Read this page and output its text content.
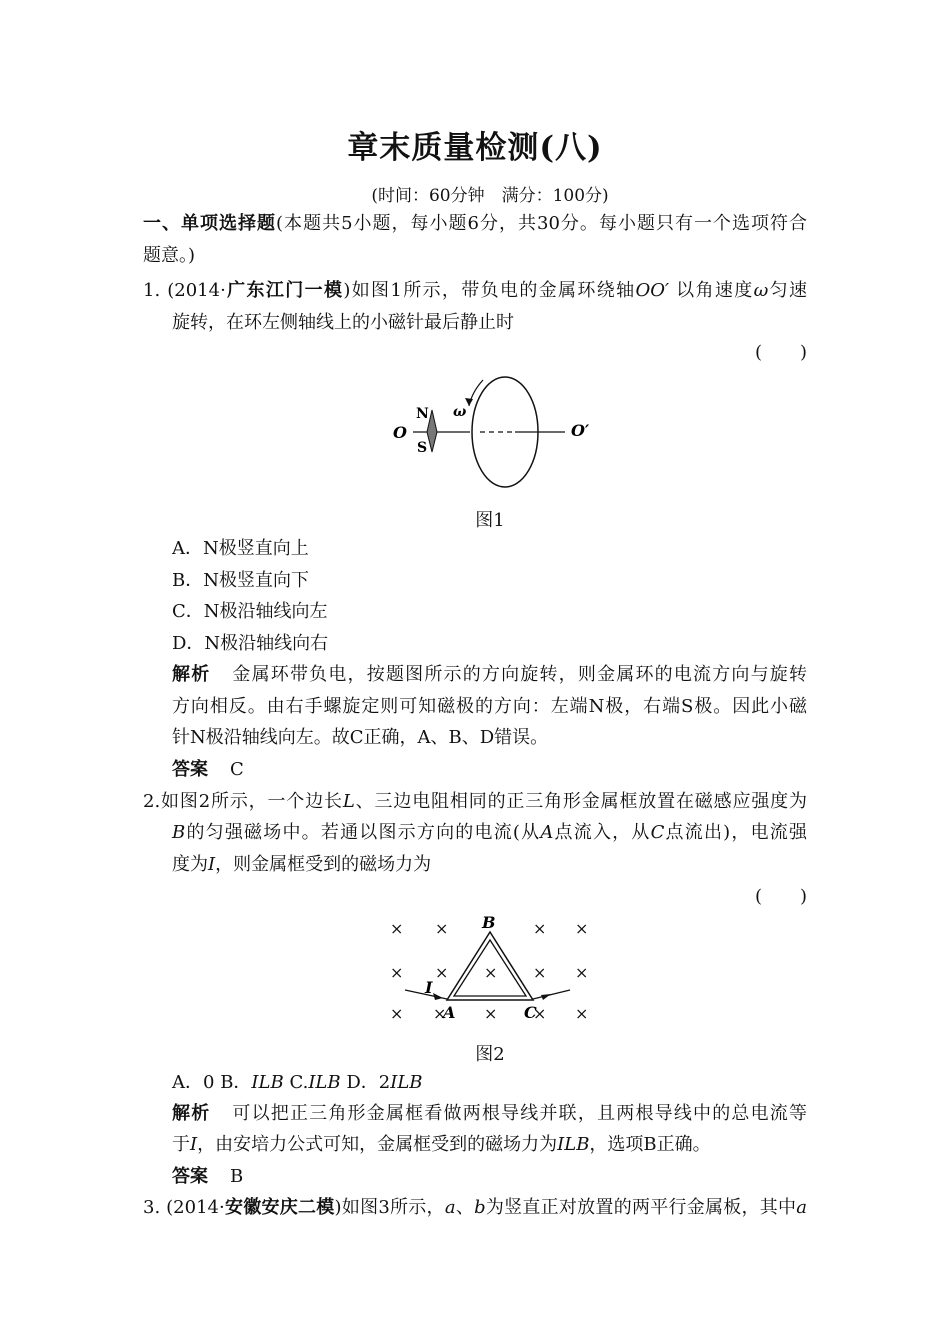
章末质量检测(八)
(时间：60分钟　满分：100分)
一、单项选择题(本题共5小题，每小题6分，共30分。每小题只有一个选项符合
题意。)
1. (2014·广东江门一模)如图1所示，带负电的金属环绕轴OO′ 以角速度ω匀速
旋转，在环左侧轴线上的小磁针最后静止时
( )
O	O′
N
S
ω
图1
A．N极竖直向上
B．N极竖直向下
C．N极沿轴线向左
D．N极沿轴线向右
解析 金属环带负电，按题图所示的方向旋转，则金属环的电流方向与旋转
方向相反。由右手螺旋定则可知磁极的方向：左端N极，右端S极。因此小磁
针N极沿轴线向左。故C正确，A、B、D错误。
答案 C
2.如图2所示，一个边长L、三边电阻相同的正三角形金属框放置在磁感应强度为
B的匀强磁场中。若通以图示方向的电流(从A点流入，从C点流出)，电流强
度为I，则金属框受到的磁场力为
( )
× ×	× ×
× × × × ×
× × × × ×
B
A	C
I
图2
A．0 B．ILB C.ILB D．2ILB
解析 可以把正三角形金属框看做两根导线并联，且两根导线中的总电流等
于I，由安培力公式可知，金属框受到的磁场力为ILB，选项B正确。
答案 B
3. (2014·安徽安庆二模)如图3所示，a、b为竖直正对放置的两平行金属板，其中a
